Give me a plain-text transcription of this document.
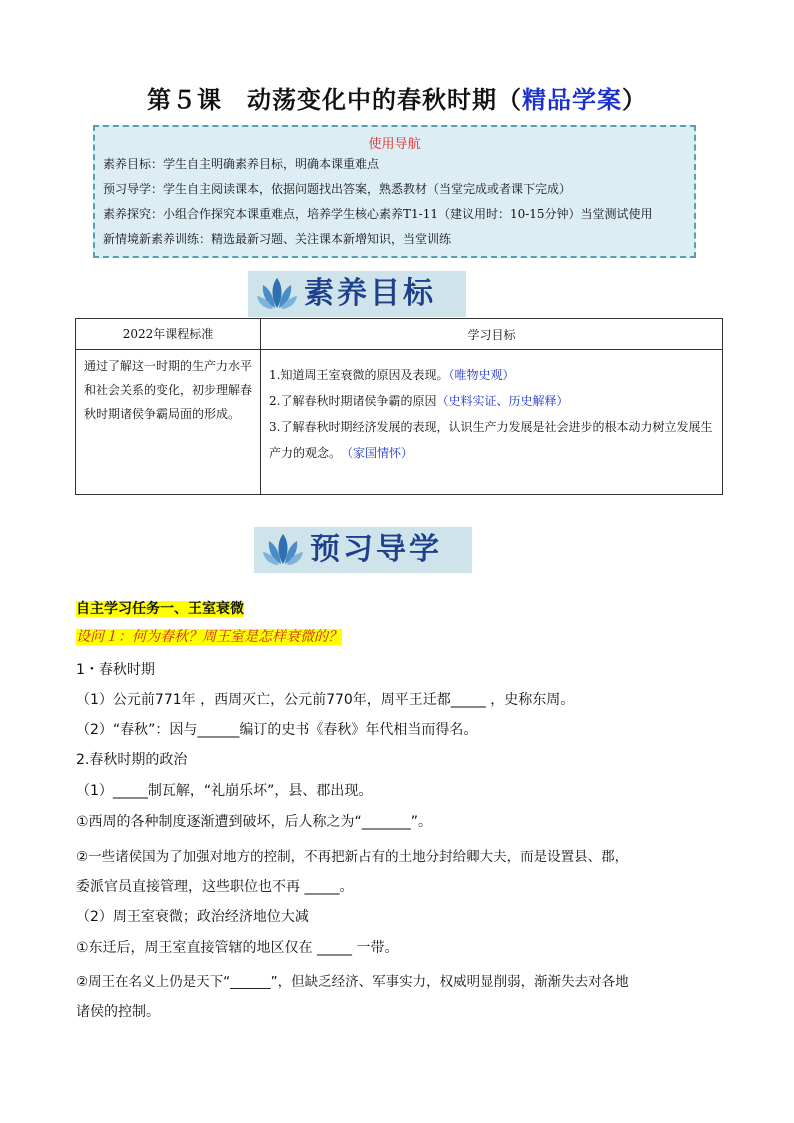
第５课　动荡变化中的春秋时期（精品学案）
使用导航
素养目标：学生自主明确素养目标，明确本课重难点
预习导学：学生自主阅读课本，依据问题找出答案，熟悉教材（当堂完成或者课下完成）
素养探究：小组合作探究本课重难点，培养学生核心素养T1-11（建议用时：10-15分钟）当堂测试使用
新情境新素养训练：精选最新习题、关注课本新增知识，当堂训练
素养目标
2022年课程标准	学习目标
通过了解这一时期的生产力水平和社会关系的变化，初步理解春秋时期诸侯争霸局面的形成。	1.知道周王室衰微的原因及表现。（唯物史观）
2.了解春秋时期诸侯争霸的原因（史料实证、历史解释）
3.了解春秋时期经济发展的表现，认识生产力发展是社会进步的根本动力树立发展生产力的观念。　 （家国情怀）
预习导学
自主学习任务一、王室衰微
设问１：何为春秋？周王室是怎样衰微的？
1・春秋时期
（1）公元前771年 ，西周灭亡，公元前770年，周平王迁都_____ ，史称东周。
（2）“春秋”：因与______编订的史书《春秋》年代相当而得名。
2.春秋时期的政治
（1）_____制瓦解，“礼崩乐坏”，县、郡出现。
①西周的各种制度逐渐遭到破坏，后人称之为“_______”。
②一些诸侯国为了加强对地方的控制，不再把新占有的土地分封给卿大夫，而是设置县、郡，
委派官员直接管理，这些职位也不再 _____。
（2）周王室衰微；政治经济地位大减
①东迁后，周王室直接管辖的地区仅在 _____ 一带。
②周王在名义上仍是天下“______”，但缺乏经济、军事实力，权威明显削弱，渐渐失去对各地
诸侯的控制。
